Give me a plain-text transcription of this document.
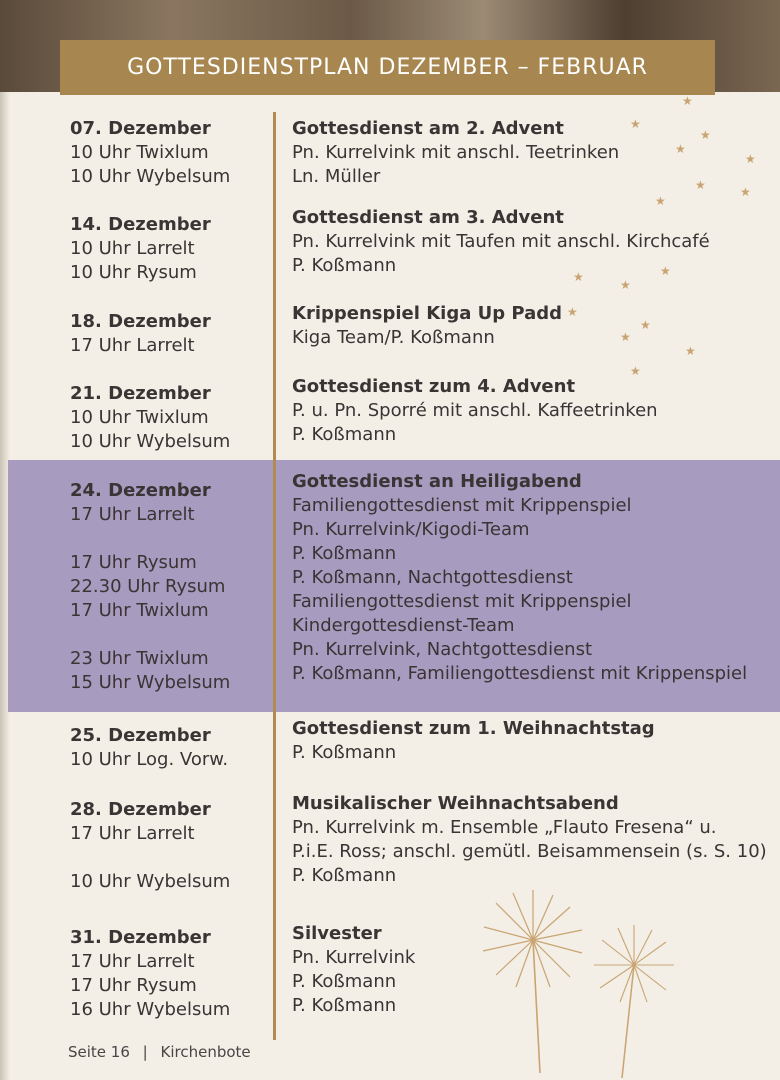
GOTTESDIENSTPLAN DEZEMBER – FEBRUAR
07. Dezember
10 Uhr Twixlum
10 Uhr Wybelsum
Gottesdienst am 2. Advent
Pn. Kurrelvink mit anschl. Teetrinken
Ln. Müller
14. Dezember
10 Uhr Larrelt
10 Uhr Rysum
Gottesdienst am 3. Advent
Pn. Kurrelvink mit Taufen mit anschl. Kirchcafé
P. Koßmann
18. Dezember
17 Uhr Larrelt
Krippenspiel Kiga Up Padd
Kiga Team/P. Koßmann
21. Dezember
10 Uhr Twixlum
10 Uhr Wybelsum
Gottesdienst zum 4. Advent
P. u. Pn. Sporré mit anschl. Kaffeetrinken
P. Koßmann
24. Dezember
17 Uhr Larrelt

17 Uhr Rysum
22.30 Uhr Rysum
17 Uhr Twixlum

23 Uhr Twixlum
15 Uhr Wybelsum
Gottesdienst an Heiligabend
Familiengottesdienst mit Krippenspiel
Pn. Kurrelvink/Kigodi-Team
P. Koßmann
P. Koßmann, Nachtgottesdienst
Familiengottesdienst mit Krippenspiel
Kindergottesdienst-Team
Pn. Kurrelvink, Nachtgottesdienst
P. Koßmann, Familiengottesdienst mit Krippenspiel
25. Dezember
10 Uhr Log. Vorw.
Gottesdienst zum 1. Weihnachtstag
P. Koßmann
28. Dezember
17 Uhr Larrelt

10 Uhr Wybelsum
Musikalischer Weihnachtsabend
Pn. Kurrelvink m. Ensemble „Flauto Fresena“ u.
P.i.E. Ross; anschl. gemütl. Beisammensein (s. S. 10)
P. Koßmann
31. Dezember
17 Uhr Larrelt
17 Uhr Rysum
16 Uhr Wybelsum
Silvester
Pn. Kurrelvink
P. Koßmann
P. Koßmann
★
★
★
★
★
★	★
★
★
★
★
★
★
★
★
★
Seite 16 | Kirchenbote
